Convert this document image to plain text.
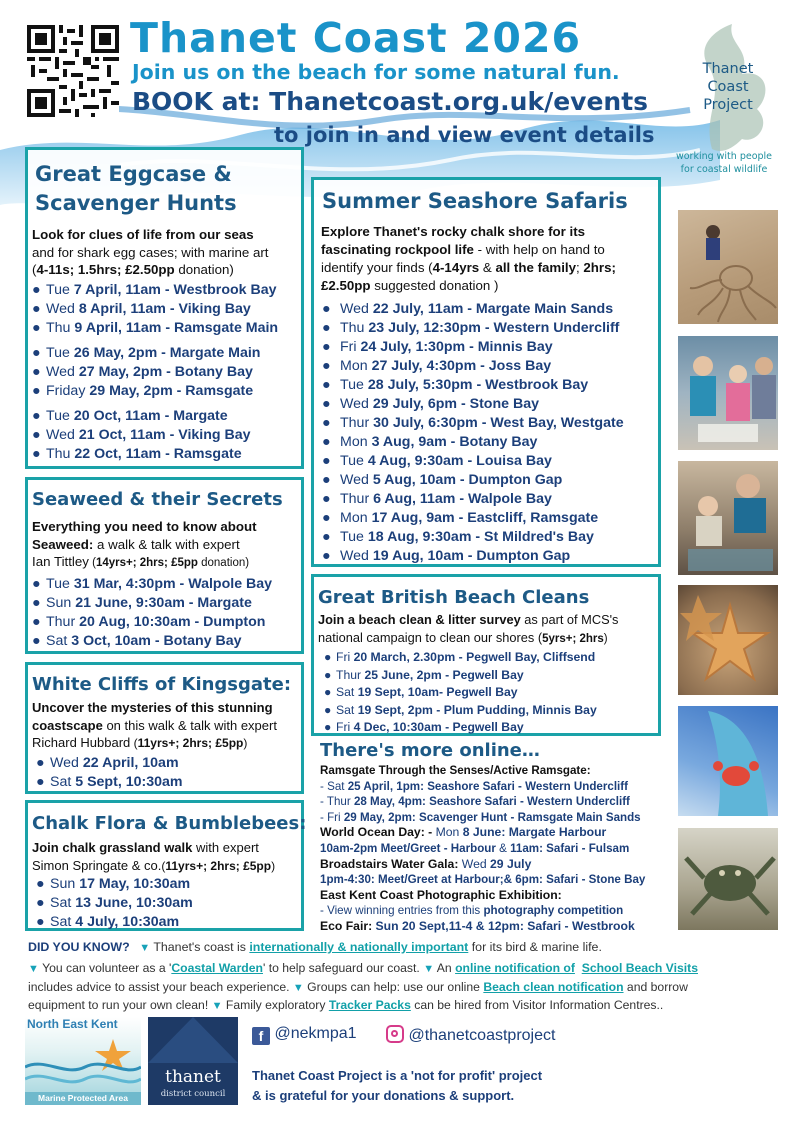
Thanet Coast 2026
Join us on the beach for some natural fun.
BOOK at: Thanetcoast.org.uk/events
to join in and view event details
Thanet
Coast
Project
working with people
for coastal wildlife
Great Eggcase &
Scavenger Hunts
Look for clues of life from our seas
and for shark egg cases; with marine art
(4-11s; 1.5hrs; £2.50pp donation)
● Tue 7 April, 11am - Westbrook Bay
● Wed 8 April, 11am - Viking Bay
● Thu 9 April, 11am - Ramsgate Main
● Tue 26 May, 2pm - Margate Main
● Wed 27 May, 2pm - Botany Bay
● Friday 29 May, 2pm - Ramsgate
● Tue 20 Oct, 11am - Margate
● Wed 21 Oct, 11am - Viking Bay
● Thu 22 Oct, 11am - Ramsgate
Seaweed & their Secrets
Everything you need to know about
Seaweed: a walk & talk with expert
Ian Tittley (14yrs+; 2hrs; £5pp donation)
● Tue 31 Mar, 4:30pm - Walpole Bay
● Sun 21 June, 9:30am - Margate
● Thur 20 Aug, 10:30am - Dumpton
● Sat 3 Oct, 10am - Botany Bay
White Cliffs of Kingsgate:
Uncover the mysteries of this stunning
coastscape on this walk & talk with expert
Richard Hubbard (11yrs+; 2hrs; £5pp)
● Wed 22 April, 10am
● Sat 5 Sept, 10:30am
Chalk Flora & Bumblebees:
Join chalk grassland walk with expert
Simon Springate & co.(11yrs+; 2hrs; £5pp)
● Sun 17 May, 10:30am
● Sat 13 June, 10:30am
● Sat 4 July, 10:30am
Summer Seashore Safaris
Explore Thanet's rocky chalk shore for its
fascinating rockpool life - with help on hand to
identify your finds (4-14yrs & all the family; 2hrs;
£2.50pp suggested donation )
● Wed 22 July, 11am - Margate Main Sands
● Thu 23 July, 12:30pm - Western Undercliff
● Fri 24 July, 1:30pm - Minnis Bay
● Mon 27 July, 4:30pm - Joss Bay
● Tue 28 July, 5:30pm - Westbrook Bay
● Wed 29 July, 6pm - Stone Bay
● Thur 30 July, 6:30pm - West Bay, Westgate
● Mon 3 Aug, 9am - Botany Bay
● Tue 4 Aug, 9:30am - Louisa Bay
● Wed 5 Aug, 10am - Dumpton Gap
● Thur 6 Aug, 11am - Walpole Bay
● Mon 17 Aug, 9am - Eastcliff, Ramsgate
● Tue 18 Aug, 9:30am - St Mildred's Bay
● Wed 19 Aug, 10am - Dumpton Gap
Great British Beach Cleans
Join a beach clean & litter survey as part of MCS's
national campaign to clean our shores (5yrs+; 2hrs)
● Fri 20 March, 2.30pm - Pegwell Bay, Cliffsend
● Thur 25 June, 2pm - Pegwell Bay
● Sat 19 Sept, 10am- Pegwell Bay
● Sat 19 Sept, 2pm - Plum Pudding, Minnis Bay
● Fri 4 Dec, 10:30am - Pegwell Bay
There's more online…
Ramsgate Through the Senses/Active Ramsgate:
- Sat 25 April, 1pm: Seashore Safari - Western Undercliff
- Thur 28 May, 4pm: Seashore Safari - Western Undercliff
- Fri 29 May, 2pm: Scavenger Hunt - Ramsgate Main Sands
World Ocean Day: - Mon 8 June: Margate Harbour
10am-2pm Meet/Greet - Harbour & 11am: Safari - Fulsam
Broadstairs Water Gala: Wed 29 July
1pm-4:30: Meet/Greet at Harbour;& 6pm: Safari - Stone Bay
East Kent Coast Photographic Exhibition:
- View winning entries from this photography competition
Eco Fair: Sun 20 Sept,11-4 & 12pm: Safari - Westbrook
DID YOU KNOW?   ▼ Thanet's coast is internationally & nationally important for its bird & marine life.
▼ You can volunteer as a 'Coastal Warden' to help safeguard our coast. ▼ An online notification of School Beach Visits
includes advice to assist your beach experience. ▼ Groups can help: use our online Beach clean notification and borrow
equipment to run your own clean! ▼ Family exploratory Tracker Packs can be hired from Visitor Information Centres..
North East Kent
Marine Protected Area
thanet
district council
f @nekmpa1	@thanetcoastproject
Thanet Coast Project is a 'not for profit' project
& is grateful for your donations & support.
